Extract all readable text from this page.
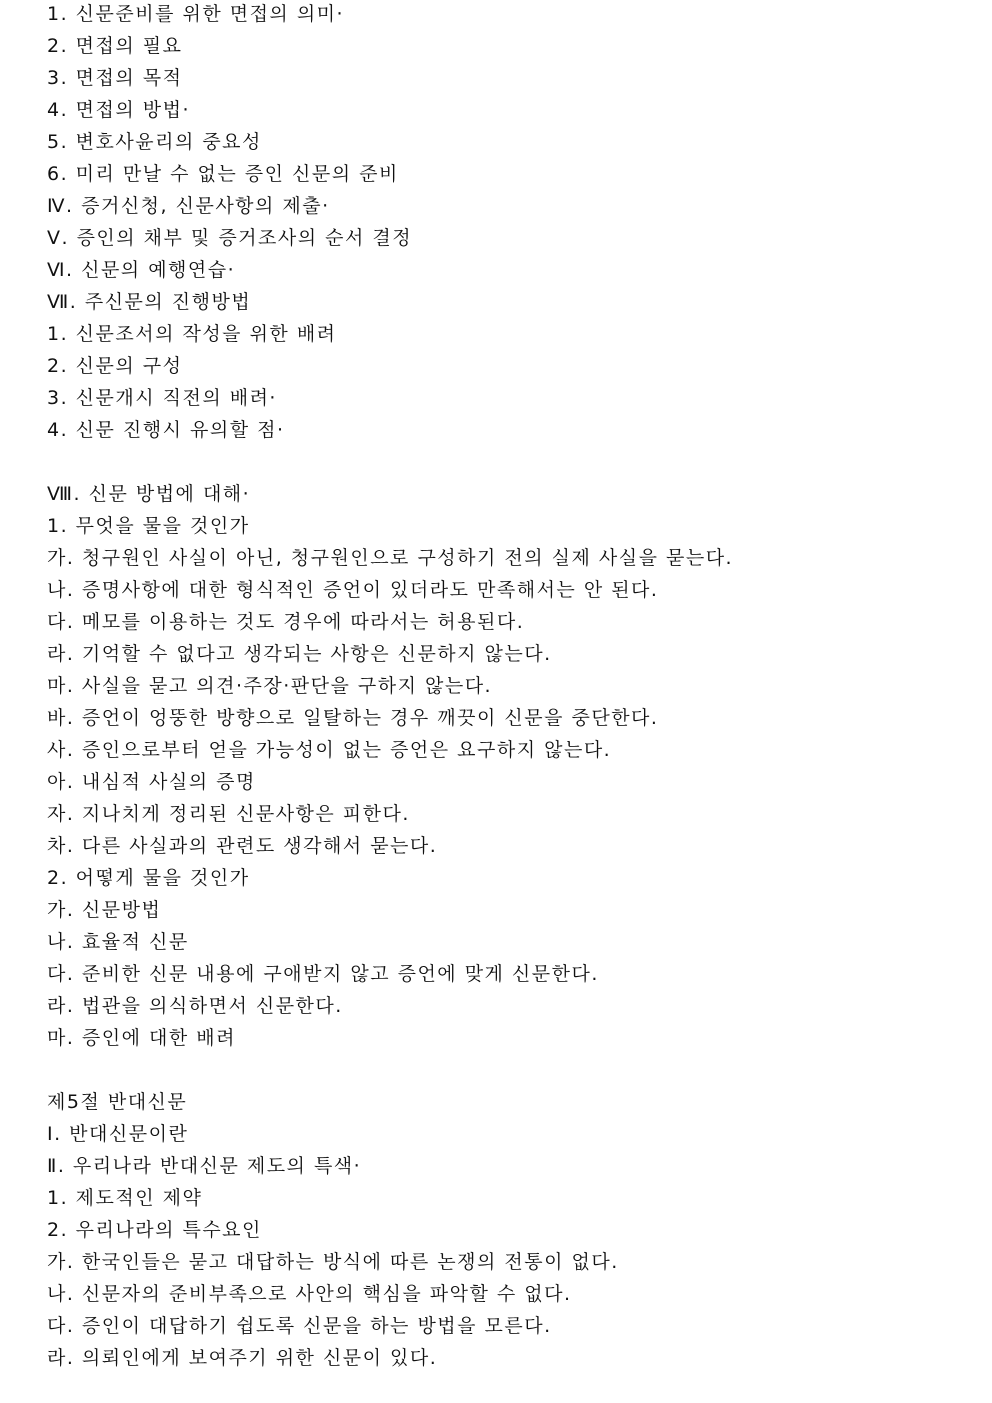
1. 신문준비를 위한 면접의 의미·
2. 면접의 필요
3. 면접의 목적
4. 면접의 방법·
5. 변호사윤리의 중요성
6. 미리 만날 수 없는 증인 신문의 준비
Ⅳ. 증거신청, 신문사항의 제출·
Ⅴ. 증인의 채부 및 증거조사의 순서 결정
Ⅵ. 신문의 예행연습·
Ⅶ. 주신문의 진행방법
1. 신문조서의 작성을 위한 배려
2. 신문의 구성
3. 신문개시 직전의 배려·
4. 신문 진행시 유의할 점·
Ⅷ. 신문 방법에 대해·
1. 무엇을 물을 것인가
가. 청구원인 사실이 아닌, 청구원인으로 구성하기 전의 실제 사실을 묻는다.
나. 증명사항에 대한 형식적인 증언이 있더라도 만족해서는 안 된다.
다. 메모를 이용하는 것도 경우에 따라서는 허용된다.
라. 기억할 수 없다고 생각되는 사항은 신문하지 않는다.
마. 사실을 묻고 의견·주장·판단을 구하지 않는다.
바. 증언이 엉뚱한 방향으로 일탈하는 경우 깨끗이 신문을 중단한다.
사. 증인으로부터 얻을 가능성이 없는 증언은 요구하지 않는다.
아. 내심적 사실의 증명
자. 지나치게 정리된 신문사항은 피한다.
차. 다른 사실과의 관련도 생각해서 묻는다.
2. 어떻게 물을 것인가
가. 신문방법
나. 효율적 신문
다. 준비한 신문 내용에 구애받지 않고 증언에 맞게 신문한다.
라. 법관을 의식하면서 신문한다.
마. 증인에 대한 배려
제5절 반대신문
Ⅰ. 반대신문이란
Ⅱ. 우리나라 반대신문 제도의 특색·
1. 제도적인 제약
2. 우리나라의 특수요인
가. 한국인들은 묻고 대답하는 방식에 따른 논쟁의 전통이 없다.
나. 신문자의 준비부족으로 사안의 핵심을 파악할 수 없다.
다. 증인이 대답하기 쉽도록 신문을 하는 방법을 모른다.
라. 의뢰인에게 보여주기 위한 신문이 있다.
